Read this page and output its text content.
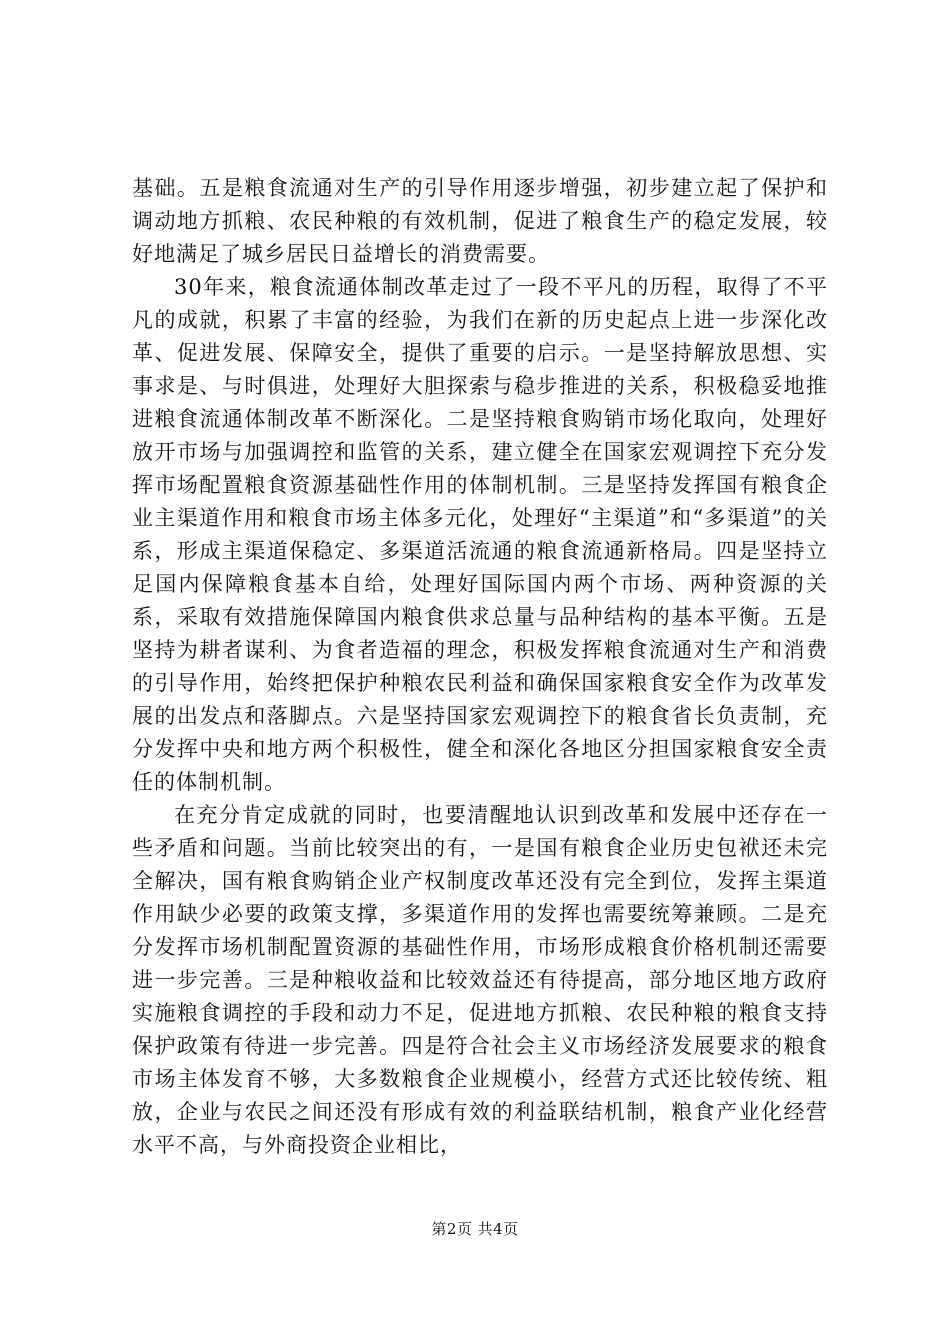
基础。五是粮食流通对生产的引导作用逐步增强，初步建立起了保护和调动地方抓粮、农民种粮的有效机制，促进了粮食生产的稳定发展，较好地满足了城乡居民日益增长的消费需要。

30年来，粮食流通体制改革走过了一段不平凡的历程，取得了不平凡的成就，积累了丰富的经验，为我们在新的历史起点上进一步深化改革、促进发展、保障安全，提供了重要的启示。一是坚持解放思想、实事求是、与时俱进，处理好大胆探索与稳步推进的关系，积极稳妥地推进粮食流通体制改革不断深化。二是坚持粮食购销市场化取向，处理好放开市场与加强调控和监管的关系，建立健全在国家宏观调控下充分发挥市场配置粮食资源基础性作用的体制机制。三是坚持发挥国有粮食企业主渠道作用和粮食市场主体多元化，处理好“主渠道”和“多渠道”的关系，形成主渠道保稳定、多渠道活流通的粮食流通新格局。四是坚持立足国内保障粮食基本自给，处理好国际国内两个市场、两种资源的关系，采取有效措施保障国内粮食供求总量与品种结构的基本平衡。五是坚持为耕者谋利、为食者造福的理念，积极发挥粮食流通对生产和消费的引导作用，始终把保护种粮农民利益和确保国家粮食安全作为改革发展的出发点和落脚点。六是坚持国家宏观调控下的粮食省长负责制，充分发挥中央和地方两个积极性，健全和深化各地区分担国家粮食安全责任的体制机制。

在充分肯定成就的同时，也要清醒地认识到改革和发展中还存在一些矛盾和问题。当前比较突出的有，一是国有粮食企业历史包袱还未完全解决，国有粮食购销企业产权制度改革还没有完全到位，发挥主渠道作用缺少必要的政策支撑，多渠道作用的发挥也需要统筹兼顾。二是充分发挥市场机制配置资源的基础性作用，市场形成粮食价格机制还需要进一步完善。三是种粮收益和比较效益还有待提高，部分地区地方政府实施粮食调控的手段和动力不足，促进地方抓粮、农民种粮的粮食支持保护政策有待进一步完善。四是符合社会主义市场经济发展要求的粮食市场主体发育不够，大多数粮食企业规模小，经营方式还比较传统、粗放，企业与农民之间还没有形成有效的利益联结机制，粮食产业化经营水平不高，与外商投资企业相比，

第2页 共4页
